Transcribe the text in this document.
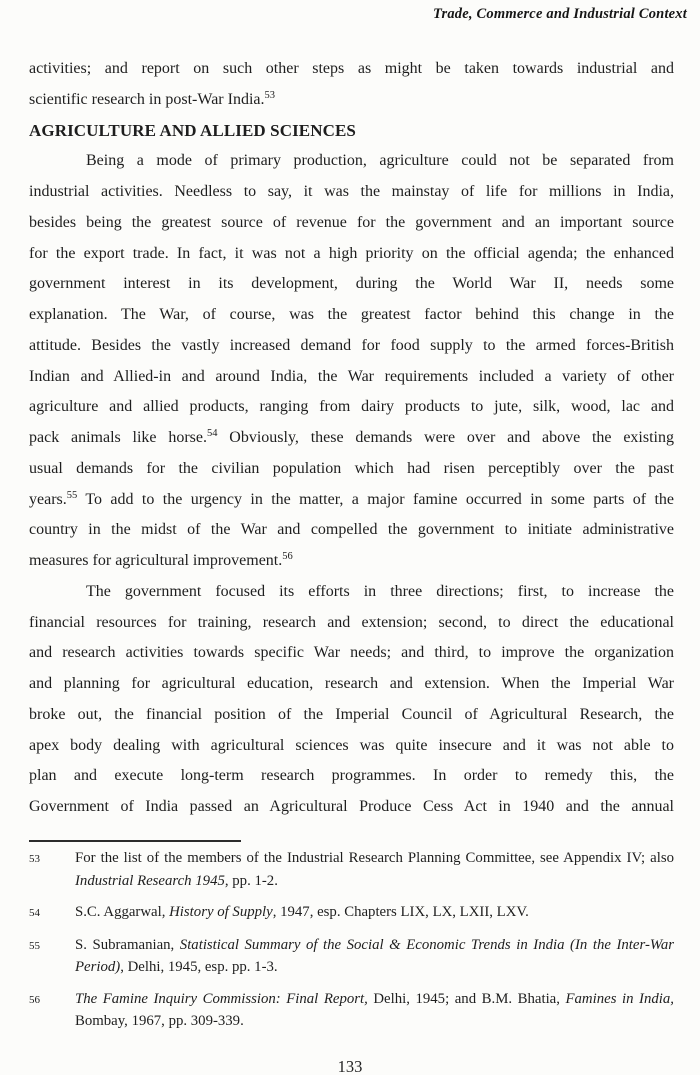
Trade, Commerce and Industrial Context
activities; and report on such other steps as might be taken towards industrial and
scientific research in post-War India.$^{53}$
AGRICULTURE AND ALLIED SCIENCES
Being a mode of primary production, agriculture could not be separated from
industrial activities. Needless to say, it was the mainstay of life for millions in India,
besides being the greatest source of revenue for the government and an important source
for the export trade. In fact, it was not a high priority on the official agenda; the enhanced
government interest in its development, during the World War II, needs some
explanation. The War, of course, was the greatest factor behind this change in the
attitude. Besides the vastly increased demand for food supply to the armed forces-British
Indian and Allied-in and around India, the War requirements included a variety of other
agriculture and allied products, ranging from dairy products to jute, silk, wood, lac and
pack animals like horse.$^{54}$ Obviously, these demands were over and above the existing
usual demands for the civilian population which had risen perceptibly over the past
years.$^{55}$ To add to the urgency in the matter, a major famine occurred in some parts of the
country in the midst of the War and compelled the government to initiate administrative
measures for agricultural improvement.$^{56}$
The government focused its efforts in three directions; first, to increase the
financial resources for training, research and extension; second, to direct the educational
and research activities towards specific War needs; and third, to improve the organization
and planning for agricultural education, research and extension. When the Imperial War
broke out, the financial position of the Imperial Council of Agricultural Research, the
apex body dealing with agricultural sciences was quite insecure and it was not able to
plan and execute long-term research programmes. In order to remedy this, the
Government of India passed an Agricultural Produce Cess Act in 1940 and the annual
53	For the list of the members of the Industrial Research Planning Committee, see Appendix IV; also Industrial Research 1945, pp. 1-2.
54	S.C. Aggarwal, History of Supply, 1947, esp. Chapters LIX, LX, LXII, LXV.
55	S. Subramanian, Statistical Summary of the Social & Economic Trends in India (In the Inter-War Period), Delhi, 1945, esp. pp. 1-3.
56	The Famine Inquiry Commission: Final Report, Delhi, 1945; and B.M. Bhatia, Famines in India, Bombay, 1967, pp. 309-339.
133
